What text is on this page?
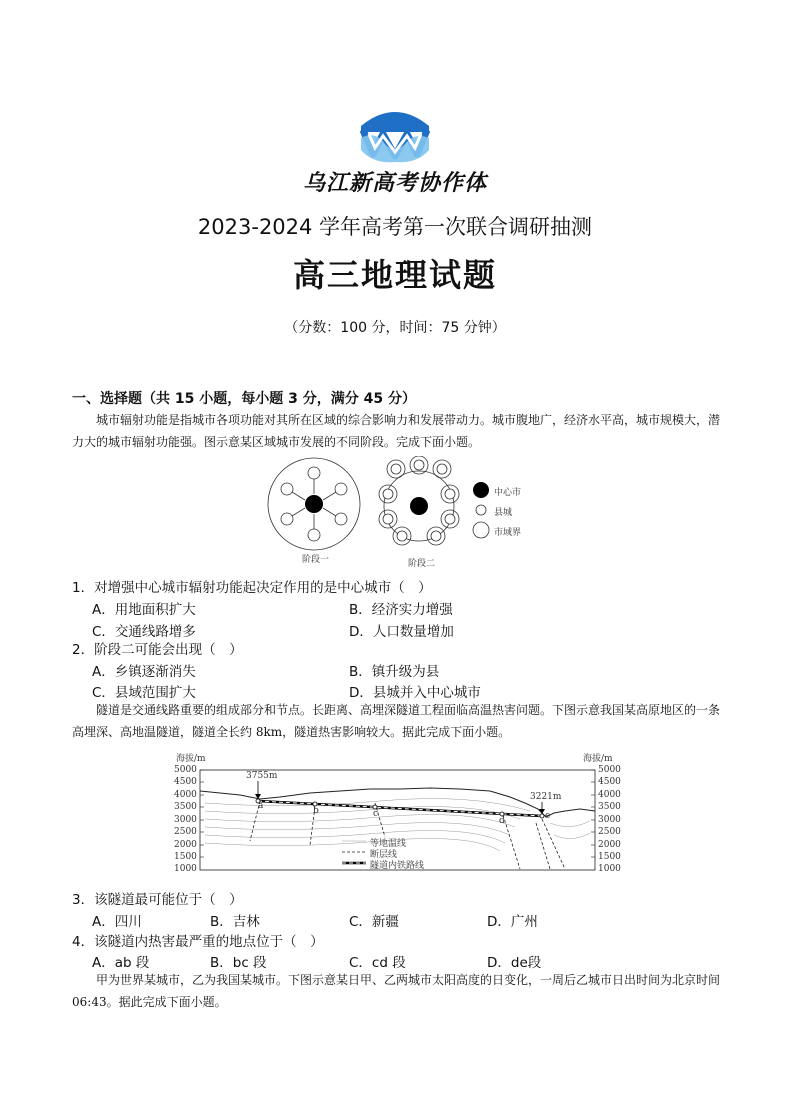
乌江新高考协作体
2023-2024 学年高考第一次联合调研抽测
高三地理试题
（分数：100 分，时间：75 分钟）
一、选择题（共 15 小题，每小题 3 分，满分 45 分）
城市辐射功能是指城市各项功能对其所在区域的综合影响力和发展带动力。城市腹地广，经济水平高，城市规模大，潜力大的城市辐射功能强。图示意某区域城市发展的不同阶段。完成下面小题。
中心市
县城
市域界
阶段一	阶段二
1．对增强中心城市辐射功能起决定作用的是中心城市（　）
A．用地面积扩大	B．经济实力增强
C．交通线路增多	D．人口数量增加
2．阶段二可能会出现（　）
A．乡镇逐渐消失	B．镇升级为县
C．县域范围扩大	D．县城并入中心城市
隧道是交通线路重要的组成部分和节点。长距离、高埋深隧道工程面临高温热害问题。下图示意我国某高原地区的一条高埋深、高地温隧道，隧道全长约 8km，隧道热害影响较大。据此完成下面小题。
海拔/m	海拔/m
5000
4500
4000
3500
3000
2500
2000
1500
1000
5000
4500
4000
3500
3000
2500
2000
1500
1000
3755m
3221m
a	b	c
d	e
等地温线
断层线
隧道内铁路线
3．该隧道最可能位于（　）
A．四川	B．吉林	C．新疆	D．广州
4．该隧道内热害最严重的地点位于（　）
A．ab 段	B．bc 段	C．cd 段	D．de段
甲为世界某城市，乙为我国某城市。下图示意某日甲、乙两城市太阳高度的日变化，一周后乙城市日出时间为北京时间 06:43。据此完成下面小题。
